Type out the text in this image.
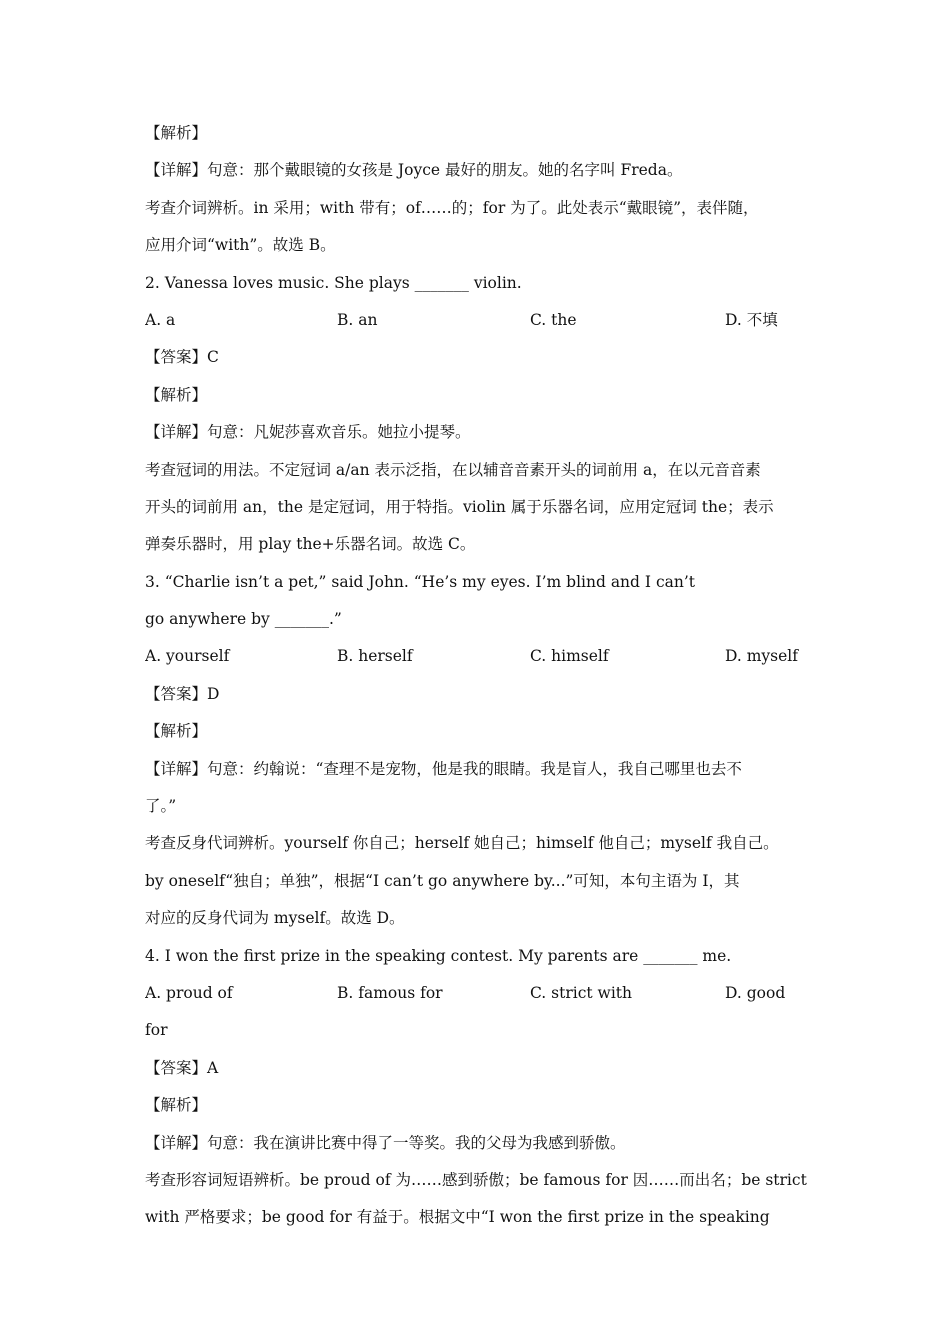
【解析】
【详解】句意：那个戴眼镜的女孩是 Joyce 最好的朋友。她的名字叫 Freda。
考查介词辨析。in 采用；with 带有；of……的；for 为了。此处表示“戴眼镜”，表伴随，
应用介词“with”。故选 B。
2. Vanessa loves music. She plays _______ violin.
A. a	B. an	C. the	D. 不填
【答案】C
【解析】
【详解】句意：凡妮莎喜欢音乐。她拉小提琴。
考查冠词的用法。不定冠词 a/an 表示泛指，在以辅音音素开头的词前用 a，在以元音音素
开头的词前用 an，the 是定冠词，用于特指。violin 属于乐器名词，应用定冠词 the；表示
弹奏乐器时，用 play the+乐器名词。故选 C。
3. “Charlie isn’t a pet,” said John. “He’s my eyes. I’m blind and I can’t
go anywhere by _______.”
A. yourself	B. herself	C. himself	D. myself
【答案】D
【解析】
【详解】句意：约翰说：“查理不是宠物，他是我的眼睛。我是盲人，我自己哪里也去不
了。”
考查反身代词辨析。yourself 你自己；herself 她自己；himself 他自己；myself 我自己。
by oneself“独自；单独”，根据“I can’t go anywhere by...”可知，本句主语为 I，其
对应的反身代词为 myself。故选 D。
4. I won the first prize in the speaking contest. My parents are _______ me.
A. proud of	B. famous for	C. strict with	D. good
for
【答案】A
【解析】
【详解】句意：我在演讲比赛中得了一等奖。我的父母为我感到骄傲。
考查形容词短语辨析。be proud of 为……感到骄傲；be famous for 因……而出名；be strict
with 严格要求；be good for 有益于。根据文中“I won the first prize in the speaking
